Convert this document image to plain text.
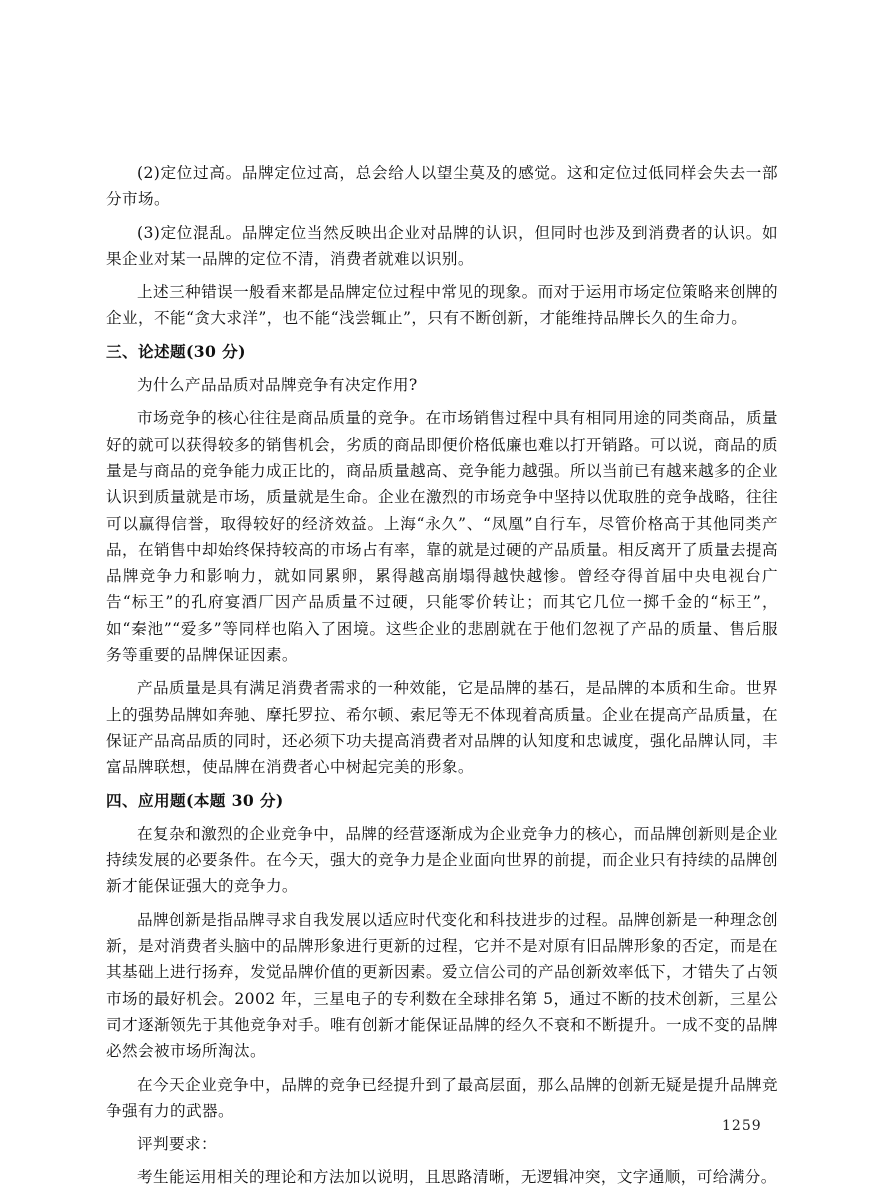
(2)定位过高。品牌定位过高，总会给人以望尘莫及的感觉。这和定位过低同样会失去一部分市场。

(3)定位混乱。品牌定位当然反映出企业对品牌的认识，但同时也涉及到消费者的认识。如果企业对某一品牌的定位不清，消费者就难以识别。

上述三种错误一般看来都是品牌定位过程中常见的现象。而对于运用市场定位策略来创牌的企业，不能“贪大求洋”，也不能“浅尝辄止”，只有不断创新，才能维持品牌长久的生命力。

三、论述题(30 分)

为什么产品品质对品牌竞争有决定作用?

市场竞争的核心往往是商品质量的竞争。在市场销售过程中具有相同用途的同类商品，质量好的就可以获得较多的销售机会，劣质的商品即便价格低廉也难以打开销路。可以说，商品的质量是与商品的竞争能力成正比的，商品质量越高、竞争能力越强。所以当前已有越来越多的企业认识到质量就是市场，质量就是生命。企业在激烈的市场竞争中坚持以优取胜的竞争战略，往往可以赢得信誉，取得较好的经济效益。上海“永久”、“凤凰”自行车，尽管价格高于其他同类产品，在销售中却始终保持较高的市场占有率，靠的就是过硬的产品质量。相反离开了质量去提高品牌竞争力和影响力，就如同累卵，累得越高崩塌得越快越惨。曾经夺得首届中央电视台广告“标王”的孔府宴酒厂因产品质量不过硬，只能零价转让；而其它几位一掷千金的“标王”，如“秦池”“爱多”等同样也陷入了困境。这些企业的悲剧就在于他们忽视了产品的质量、售后服务等重要的品牌保证因素。

产品质量是具有满足消费者需求的一种效能，它是品牌的基石，是品牌的本质和生命。世界上的强势品牌如奔驰、摩托罗拉、希尔顿、索尼等无不体现着高质量。企业在提高产品质量，在保证产品高品质的同时，还必须下功夫提高消费者对品牌的认知度和忠诚度，强化品牌认同，丰富品牌联想，使品牌在消费者心中树起完美的形象。

四、应用题(本题 30 分)

在复杂和激烈的企业竞争中，品牌的经营逐渐成为企业竞争力的核心，而品牌创新则是企业持续发展的必要条件。在今天，强大的竞争力是企业面向世界的前提，而企业只有持续的品牌创新才能保证强大的竞争力。

品牌创新是指品牌寻求自我发展以适应时代变化和科技进步的过程。品牌创新是一种理念创新，是对消费者头脑中的品牌形象进行更新的过程，它并不是对原有旧品牌形象的否定，而是在其基础上进行扬弃，发觉品牌价值的更新因素。爱立信公司的产品创新效率低下，才错失了占领市场的最好机会。2002 年，三星电子的专利数在全球排名第 5，通过不断的技术创新，三星公司才逐渐领先于其他竞争对手。唯有创新才能保证品牌的经久不衰和不断提升。一成不变的品牌必然会被市场所淘汰。

在今天企业竞争中，品牌的竞争已经提升到了最高层面，那么品牌的创新无疑是提升品牌竞争强有力的武器。

评判要求：

考生能运用相关的理论和方法加以说明，且思路清晰，无逻辑冲突，文字通顺，可给满分。

1259
